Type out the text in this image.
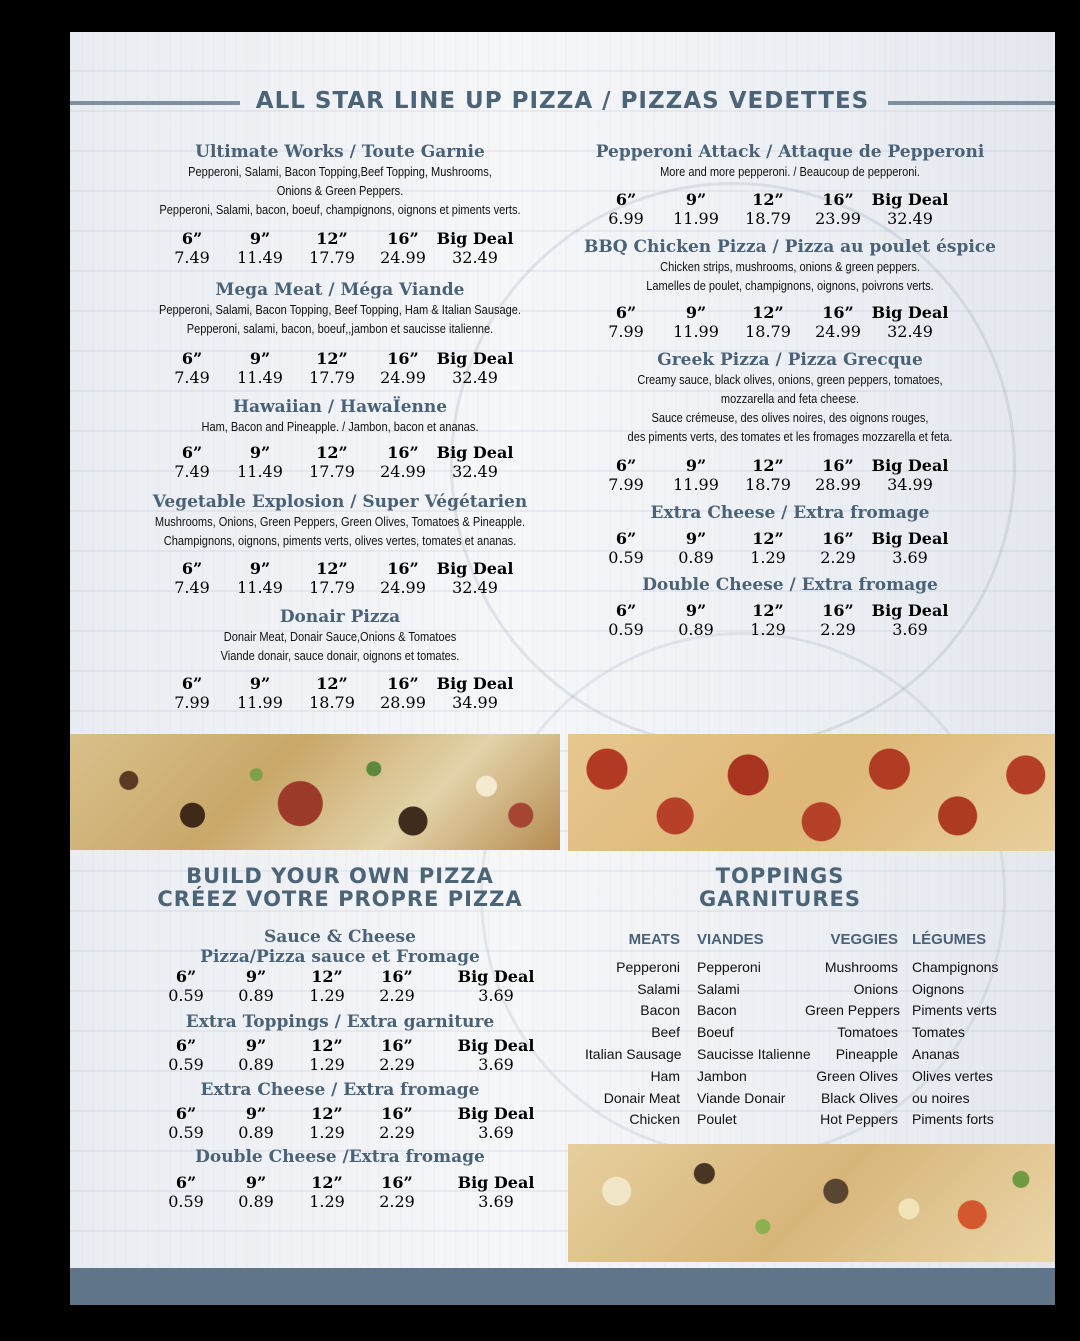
ALL STAR LINE UP PIZZA / PIZZAS VEDETTES
Ultimate Works / Toute Garnie
Pepperoni, Salami, Bacon Topping,Beef Topping, Mushrooms,
Onions & Green Peppers.
Pepperoni, Salami, bacon, boeuf, champignons, oignons et piments verts.
6”
7.49
9”
11.49
12”
17.79
16”
24.99
Big Deal
32.49
Mega Meat / Méga Viande
Pepperoni, Salami, Bacon Topping, Beef Topping, Ham & Italian Sausage.
Pepperoni, salami, bacon, boeuf,,jambon et saucisse italienne.
6”
7.49
9”
11.49
12”
17.79
16”
24.99
Big Deal
32.49
Hawaiian / HawaÏenne
Ham, Bacon and Pineapple. / Jambon, bacon et ananas.
6”
7.49
9”
11.49
12”
17.79
16”
24.99
Big Deal
32.49
Vegetable Explosion / Super Végétarien
Mushrooms, Onions, Green Peppers, Green Olives, Tomatoes & Pineapple.
Champignons, oignons, piments verts, olives vertes, tomates et ananas.
6”
7.49
9”
11.49
12”
17.79
16”
24.99
Big Deal
32.49
Donair Pizza
Donair Meat, Donair Sauce,Onions & Tomatoes
Viande donair, sauce donair, oignons et tomates.
6”
7.99
9”
11.99
12”
18.79
16”
28.99
Big Deal
34.99
Pepperoni Attack / Attaque de Pepperoni
More and more pepperoni. / Beaucoup de pepperoni.
6”
6.99
9”
11.99
12”
18.79
16”
23.99
Big Deal
32.49
BBQ Chicken Pizza / Pizza au poulet éspice
Chicken strips, mushrooms, onions & green peppers.
Lamelles de poulet, champignons, oignons, poivrons verts.
6”
7.99
9”
11.99
12”
18.79
16”
24.99
Big Deal
32.49
Greek Pizza / Pizza Grecque
Creamy sauce, black olives, onions, green peppers, tomatoes,
mozzarella and feta cheese.
Sauce crémeuse, des olives noires, des oignons rouges,
des piments verts, des tomates et les fromages mozzarella et feta.
6”
7.99
9”
11.99
12”
18.79
16”
28.99
Big Deal
34.99
Extra Cheese / Extra fromage
6”
0.59
9”
0.89
12”
1.29
16”
2.29
Big Deal
3.69
Double Cheese / Extra fromage
6”
0.59
9”
0.89
12”
1.29
16”
2.29
Big Deal
3.69
BUILD YOUR OWN PIZZA
CRÉEZ VOTRE PROPRE PIZZA
Sauce & Cheese
Pizza/Pizza sauce et Fromage
6”
0.59
9”
0.89
12”
1.29
16”
2.29
Big Deal
3.69
Extra Toppings / Extra garniture
6”
0.59
9”
0.89
12”
1.29
16”
2.29
Big Deal
3.69
Extra Cheese / Extra fromage
6”
0.59
9”
0.89
12”
1.29
16”
2.29
Big Deal
3.69
Double Cheese /Extra fromage
6”
0.59
9”
0.89
12”
1.29
16”
2.29
Big Deal
3.69
TOPPINGS
GARNITURES
MEATS
Pepperoni
Salami
Bacon
Beef
Italian Sausage
Ham
Donair Meat
Chicken
VIANDES
Pepperoni
Salami
Bacon
Boeuf
Saucisse Italienne
Jambon
Viande Donair
Poulet
VEGGIES
Mushrooms
Onions
Green Peppers
Tomatoes
Pineapple
Green Olives
Black Olives
Hot Peppers
LÉGUMES
Champignons
Oignons
Piments verts
Tomates
Ananas
Olives vertes
ou noires
Piments forts
